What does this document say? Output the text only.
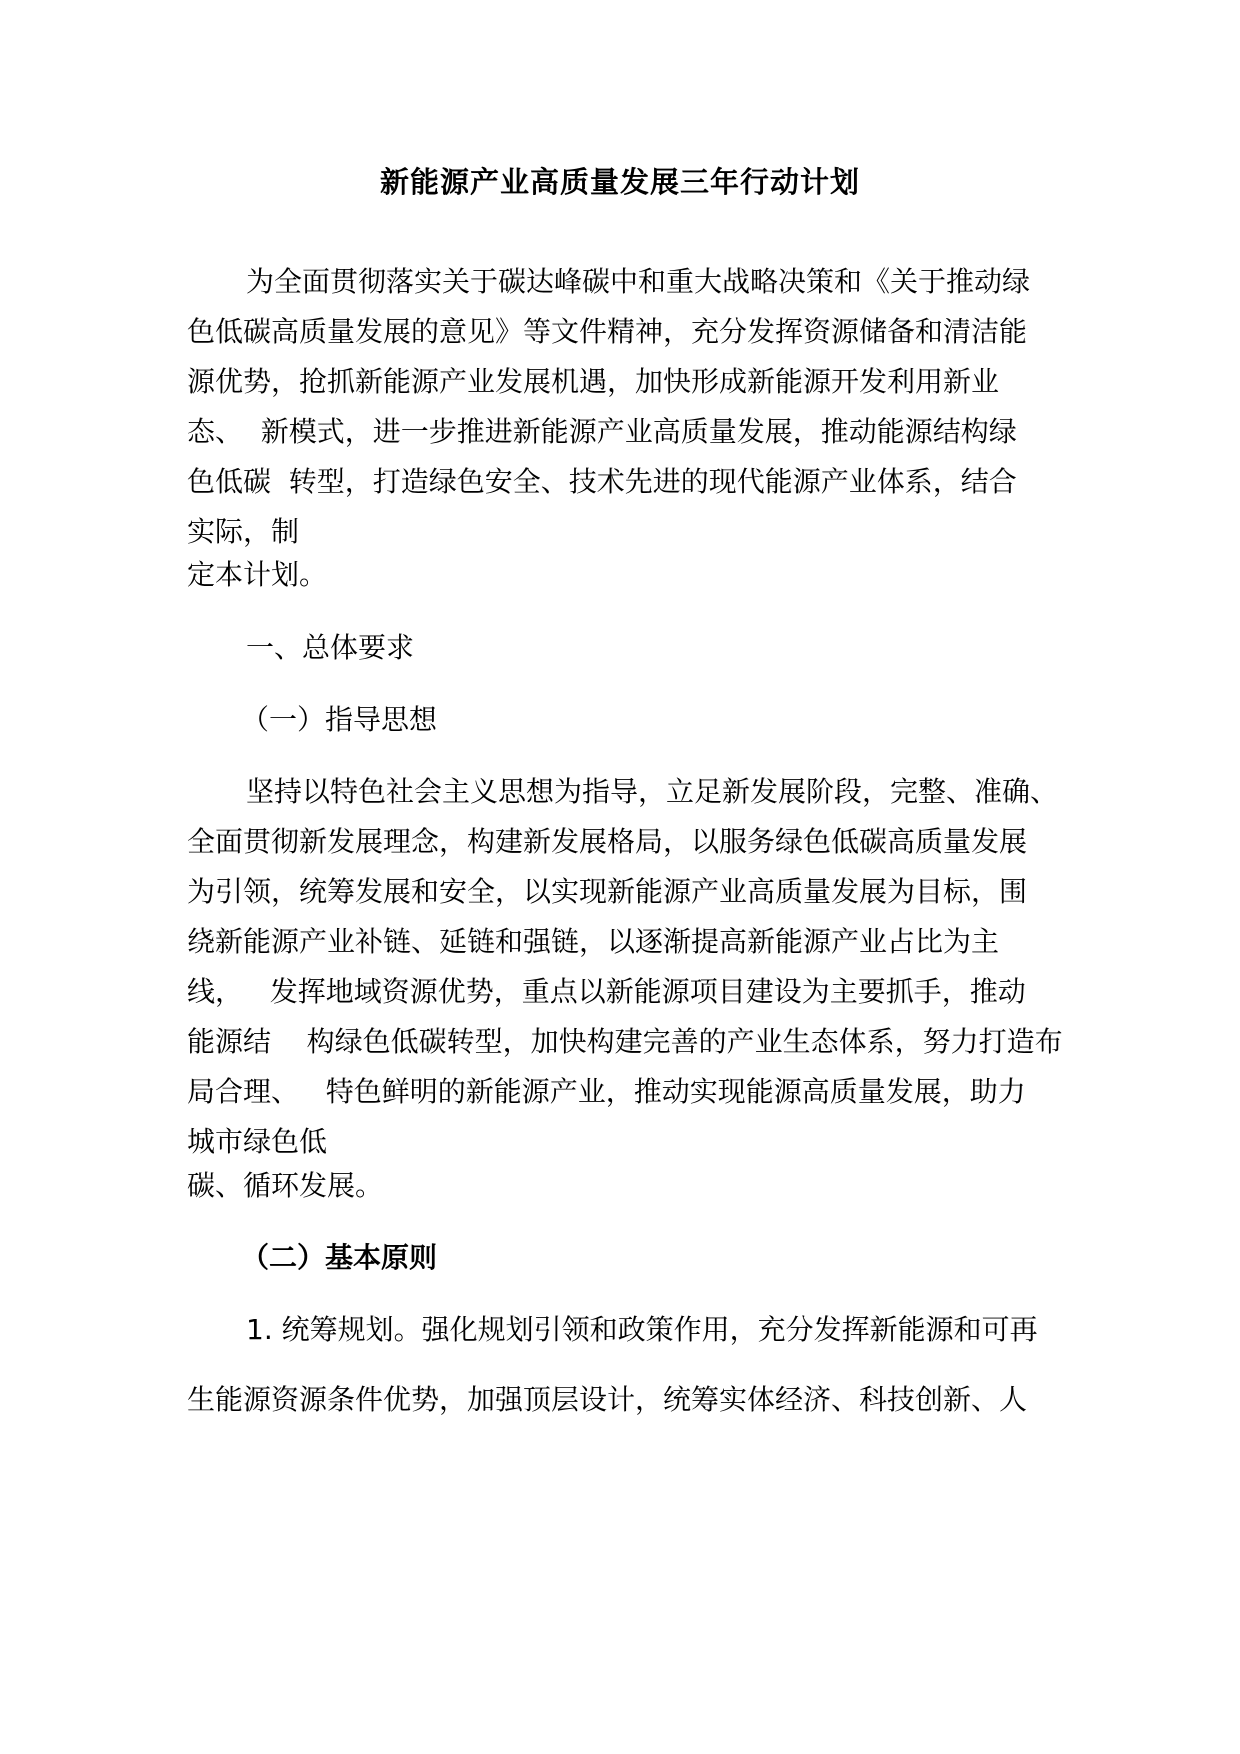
新能源产业高质量发展三年行动计划
为全面贯彻落实关于碳达峰碳中和重大战略决策和《关于推动绿
色低碳高质量发展的意见》等文件精神，充分发挥资源储备和清洁能
源优势，抢抓新能源产业发展机遇，加快形成新能源开发利用新业
态、  新模式，进一步推进新能源产业高质量发展，推动能源结构绿
色低碳  转型，打造绿色安全、技术先进的现代能源产业体系，结合
实际，制
定本计划。
一、总体要求
（一）指导思想
坚持以特色社会主义思想为指导，立足新发展阶段，完整、准确、
全面贯彻新发展理念，构建新发展格局，以服务绿色低碳高质量发展
为引领，统筹发展和安全，以实现新能源产业高质量发展为目标，围
绕新能源产业补链、延链和强链，以逐渐提高新能源产业占比为主
线，   发挥地域资源优势，重点以新能源项目建设为主要抓手，推动
能源结    构绿色低碳转型，加快构建完善的产业生态体系，努力打造布
局合理、   特色鲜明的新能源产业，推动实现能源高质量发展，助力
城市绿色低
碳、循环发展。
（二）基本原则
1. 统筹规划。强化规划引领和政策作用，充分发挥新能源和可再
生能源资源条件优势，加强顶层设计，统筹实体经济、科技创新、人
